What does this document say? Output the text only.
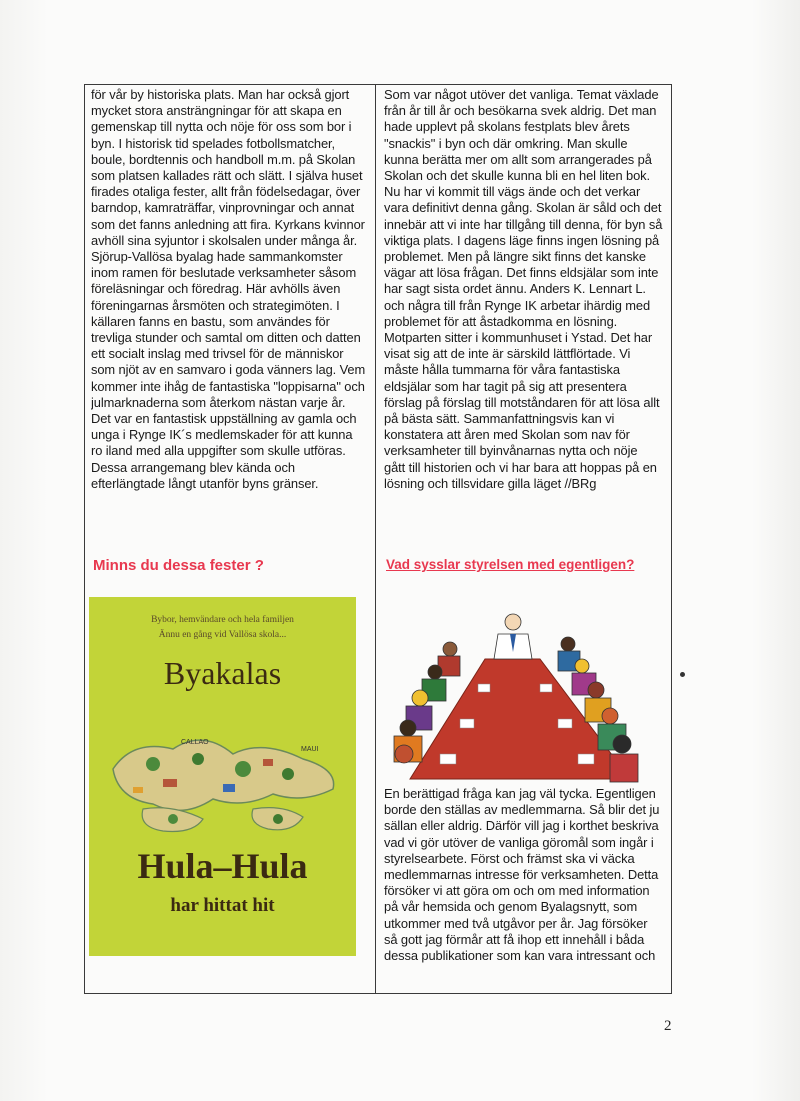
för vår by historiska plats. Man har också gjort
mycket stora ansträngningar för att skapa en
gemenskap till nytta och nöje för oss som bor i
byn. I historisk tid spelades fotbollsmatcher,
boule, bordtennis och handboll m.m. på Skolan
som platsen kallades rätt och slätt. I själva huset
firades otaliga fester, allt från födelsedagar, över
barndop, kamraträffar, vinprovningar och annat
som det fanns anledning att fira. Kyrkans kvinnor
avhöll sina syjuntor i skolsalen under många år.
Sjörup-Vallösa byalag hade sammankomster
inom ramen för beslutade verksamheter såsom
föreläsningar och föredrag. Här avhölls även
föreningarnas årsmöten och strategimöten. I
källaren fanns en bastu, som användes för
trevliga stunder och samtal om ditten och datten
ett socialt inslag med trivsel för de människor
som njöt av en samvaro i goda vänners lag. Vem
kommer inte ihåg de fantastiska "loppisarna" och
julmarknaderna som återkom nästan varje år.
Det var en fantastisk uppställning av gamla och
unga i Rynge IK´s medlemskader för att kunna
ro iland med alla uppgifter som skulle utföras.
Dessa arrangemang blev kända och
efterlängtade långt utanför byns gränser.
Som var något utöver det vanliga. Temat växlade
från år till år och besökarna svek aldrig. Det man
hade upplevt på skolans festplats blev årets
"snackis" i byn och där omkring. Man skulle
kunna berätta mer om allt som arrangerades på
Skolan och det skulle kunna bli en hel liten bok.
Nu har vi kommit till vägs ände och det verkar
vara definitivt denna gång. Skolan är såld och det
innebär att vi inte har tillgång till denna, för byn så
viktiga plats. I dagens läge finns ingen lösning på
problemet. Men på längre sikt finns det kanske
vägar att lösa frågan. Det finns eldsjälar som inte
har sagt sista ordet ännu. Anders K. Lennart L.
och några till från Rynge IK arbetar ihärdig med
problemet för att åstadkomma en lösning.
Motparten sitter i kommunhuset i Ystad. Det har
visat sig att de inte är särskild lättflörtade. Vi
måste hålla tummarna för våra fantastiska
eldsjälar som har tagit på sig att presentera
förslag på förslag till motståndaren för att lösa allt
på bästa sätt. Sammanfattningsvis kan vi
konstatera att åren med Skolan som nav för
verksamheter till byinvånarnas nytta och nöje
gått till historien och vi har bara att hoppas på en
lösning och tillsvidare gilla läget //BRg
Minns du dessa fester ?	Vad sysslar styrelsen med egentligen?
Bybor, hemvändare och hela familjen
Ännu en gång vid Vallösa skola...
Byakalas
CALLAO
MAUI
Hula–Hula
har hittat hit
En berättigad fråga kan jag väl tycka. Egentligen
borde den ställas av medlemmarna. Så blir det ju
sällan eller aldrig. Därför vill jag i korthet beskriva
vad vi gör utöver de vanliga göromål som ingår i
styrelsearbete. Först och främst ska vi väcka
medlemmarnas intresse för verksamheten. Detta
försöker vi att göra om och om med information
på vår hemsida och genom Byalagsnytt, som
utkommer med två utgåvor per år. Jag försöker
så gott jag förmår att få ihop ett innehåll i båda
dessa publikationer som kan vara intressant och
2
